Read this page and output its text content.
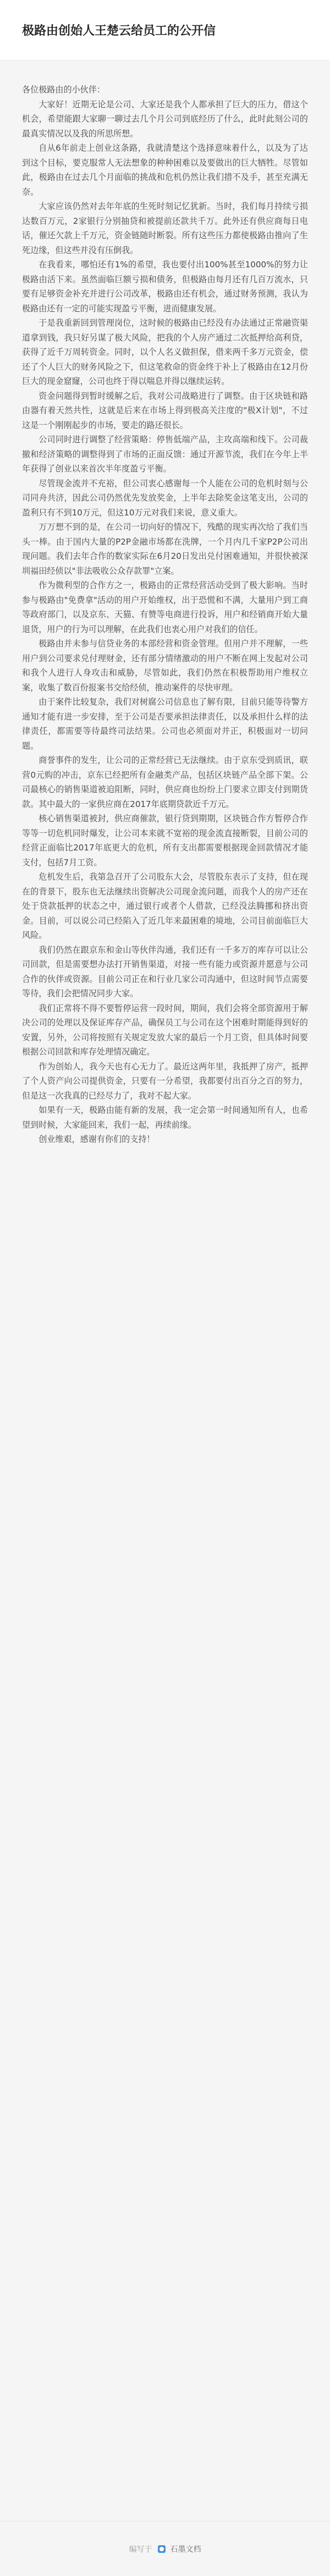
极路由创始人王楚云给员工的公开信

各位极路由的小伙伴：

大家好！近期无论是公司、大家还是我个人都承担了巨大的压力，借这个机会，希望能跟大家聊一聊过去几个月公司到底经历了什么，此时此刻公司的最真实情况以及我的所思所想。

自从6年前走上创业这条路，我就清楚这个选择意味着什么，以及为了达到这个目标，要克服常人无法想象的种种困难以及要做出的巨大牺牲。尽管如此，极路由在过去几个月面临的挑战和危机仍然让我们措不及手，甚至充满无奈。

大家应该仍然对去年年底的生死时刻记忆犹新。当时，我们每月持续亏损达数百万元，2家银行分别抽贷和被提前还款共千万。此外还有供应商每日电话，催还欠款上千万元，资金链随时断裂。所有这些压力都使极路由推向了生死边缘，但这些并没有压倒我。

在我看来，哪怕还有1%的希望，我也要付出100%甚至1000%的努力让极路由活下来。虽然面临巨额亏损和债务，但极路由每月还有几百万流水，只要有足够资金补充并进行公司改革，极路由还有机会，通过财务预测，我认为极路由还有一定的可能实现盈亏平衡，进而健康发展。

于是我重新回到管理岗位，这时候的极路由已经没有办法通过正常融资渠道拿到钱，我只好另谋了极大风险，把我的个人房产通过二次抵押给高利贷，获得了近千万周转资金。同时，以个人名义做担保，借来两千多万元资金，偿还了个人巨大的财务风险之下，但这笔救命的资金终于补上了极路由在12月份巨大的现金窟窿，公司也终于得以喘息并得以继续运转。

资金问题得到暂时缓解之后，我对公司战略进行了调整。由于区块链和路由器有着天然共性，这就是后来在市场上得到极高关注度的"极X计划"，不过这是一个刚刚起步的市场，要走的路还很长。

公司同时进行调整了经营策略：停售低端产品，主攻高端和线下。公司裁撤和经济策略的调整得到了市场的正面反馈：通过开源节流，我们在今年上半年获得了创业以来首次半年度盈亏平衡。

尽管现金流并不充裕，但公司衷心感谢每一个人能在公司的危机时刻与公司同舟共济，因此公司仍然优先发放奖金，上半年去除奖金这笔支出，公司的盈利只有不到10万元，但这10万元对我们来说，意义重大。

万万想不到的是，在公司一切向好的情况下，残酷的现实再次给了我们当头一棒。由于国内大量的P2P金融市场都在洗牌，一个月内几千家P2P公司出现问题。我们去年合作的数家实际在6月20日发出兑付困难通知，并很快被深圳福田经侦以"非法吸收公众存款罪"立案。

作为微利型的合作方之一，极路由的正常经营活动受到了极大影响。当时参与极路由"免费拿"活动的用户开始维权，出于恐慌和不满，大量用户到工商等政府部门，以及京东、天猫、有赞等电商进行投诉，用户和经销商开始大量退货，用户的行为可以理解，在此我们也衷心用户对我们的信任。

极路由并未参与信贷业务的本部经营和资金管理。但用户并不理解，一些用户到公司要求兑付理财金，还有部分情绪激动的用户不断在网上发起对公司和我个人进行人身攻击和威胁，尽管如此，我们仍然在积极帮助用户维权立案，收集了数百份报案书交给经侦，推动案件的尽快审理。

由于案件比较复杂，我们对树腐公司信息也了解有限，目前只能等待警方通知才能有进一步安排，至于公司是否要承担法律责任，以及承担什么样的法律责任，都需要等待最终司法结果。公司也必须面对并正，积极面对一切问题。

商誉事件的发生，让公司的正常经营已无法继续。由于京东受到质讯，联营0元购的冲击，京东已经把所有金融类产品，包括区块链产品全部下架。公司最核心的销售渠道被迫阻断，同时，供应商也纷纷上门要求立即支付到期货款。其中最大的一家供应商在2017年底期贷款近千万元。

核心销售渠道被封，供应商催款，银行贷到期期，区块链合作方暂停合作等等一切危机同时爆发，让公司本来就不宽裕的现金流直接断裂，目前公司的经营正面临比2017年底更大的危机，所有支出都需要根据现金回款情况才能支付，包括7月工资。

危机发生后，我第急召开了公司股东大会，尽管股东表示了支持，但在现在的背景下，股东也无法继续出资解决公司现金流问题，而我个人的房产还在处于贷款抵押的状态之中，通过银行或者个人借款，已经没法腾挪和挤出资金。目前，可以说公司已经陷入了近几年来最困难的境地，公司目前面临巨大风险。

我们仍然在跟京东和金山等伙伴沟通，我们还有一千多万的库存可以让公司回款，但是需要想办法打开销售渠道，对接一些有能力或资源并愿意与公司合作的伙伴或资源。目前公司正在和行业几家公司沟通中，但这时间节点需要等待，我们会把情况同步大家。

我们正常将不得不要暂停运营一段时间，期间，我们会将全部资源用于解决公司的处理以及保证库存产品，确保员工与公司在这个困难时期能得到好的安置，另外，公司将按照有关规定发放大家的最后一个月工资，但具体时间要根据公司回款和库存处理情况确定。

作为创始人，我今天也有心无力了。最近这两年里，我抵押了房产，抵押了个人资产向公司提供资金，只要有一分希望，我都要付出百分之百的努力，但是这一次我真的已经尽力了，我对不起大家。

如果有一天，极路由能有新的发展，我一定会第一时间通知所有人，也希望到时候，大家能回来，我们一起，再续前缘。

创业维艰，感谢有你们的支持！

编写于 石墨文档
